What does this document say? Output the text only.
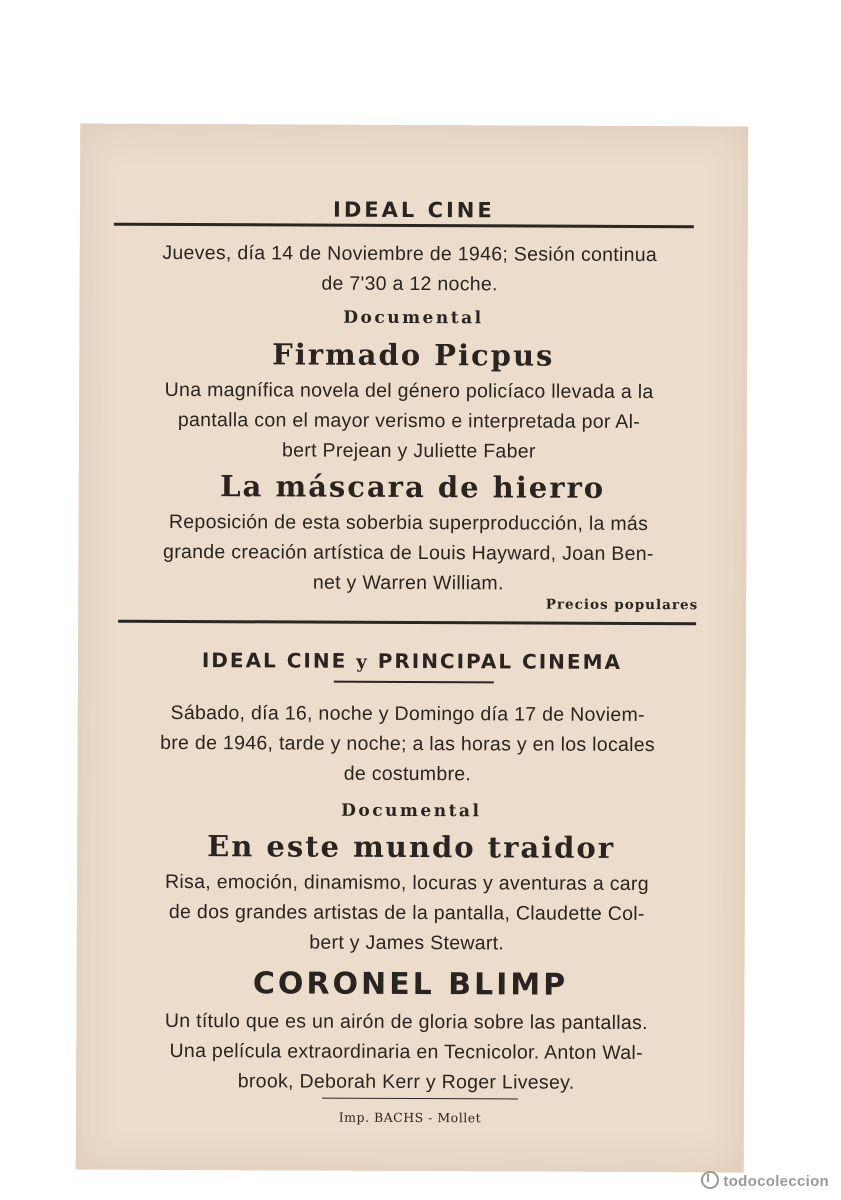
IDEAL CINE
Jueves, día 14 de Noviembre de 1946; Sesión continua
de 7'30 a 12 noche.
Documental
Firmado Picpus
Una magnífica novela del género policíaco llevada a la
pantalla con el mayor verismo e interpretada por Al-
bert Prejean y Juliette Faber
La máscara de hierro
Reposición de esta soberbia superproducción, la más
grande creación artística de Louis Hayward, Joan Ben-
net y Warren William.
Precios populares
IDEAL CINE y PRINCIPAL CINEMA
Sábado, día 16, noche y Domingo día 17 de Noviem-
bre de 1946, tarde y noche; a las horas y en los locales
de costumbre.
Documental
En este mundo traidor
Risa, emoción, dinamismo, locuras y aventuras a carg
de dos grandes artistas de la pantalla, Claudette Col-
bert y James Stewart.
CORONEL BLIMP
Un título que es un airón de gloria sobre las pantallas.
Una película extraordinaria en Tecnicolor. Anton Wal-
brook, Deborah Kerr y Roger Livesey.
Imp. BACHS - Mollet
todocoleccion
